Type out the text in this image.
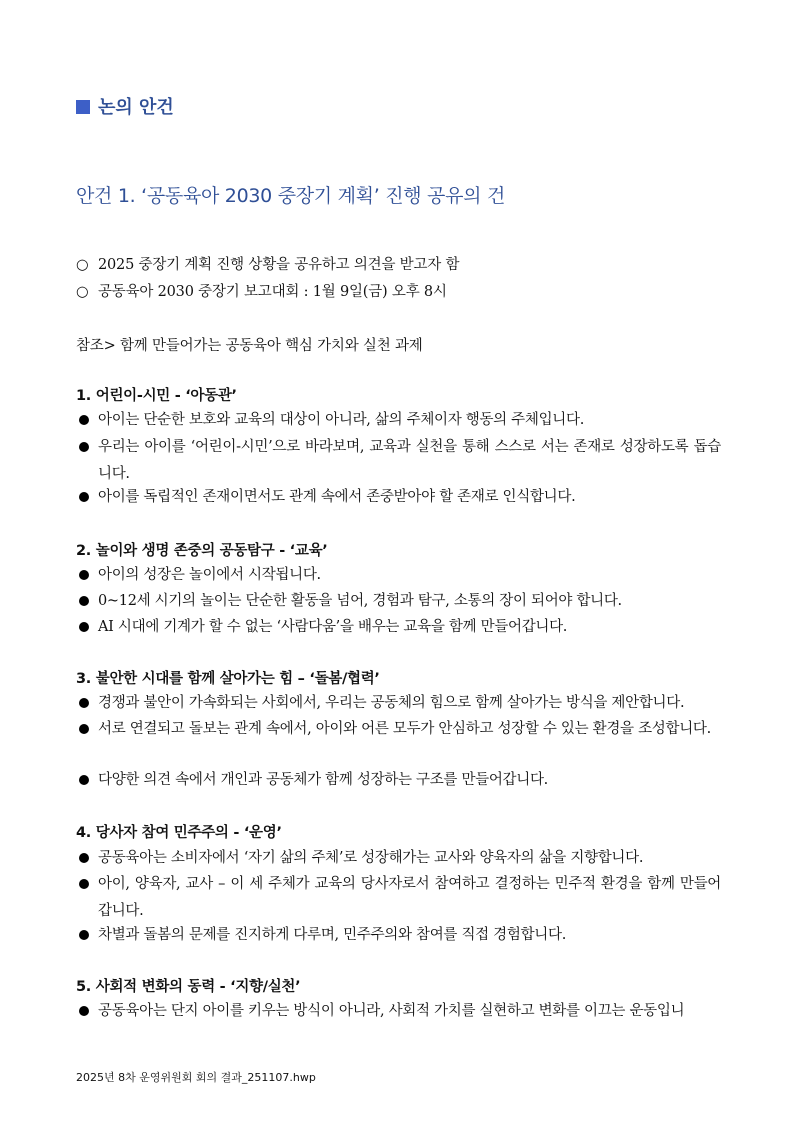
논의 안건
안건 1. ‘공동육아 2030 중장기 계획’ 진행 공유의 건
○ 2025 중장기 계획 진행 상황을 공유하고 의견을 받고자 함
○ 공동육아 2030 중장기 보고대회 : 1월 9일(금) 오후 8시
참조> 함께 만들어가는 공동육아 핵심 가치와 실천 과제
1. 어린이-시민 - ‘아동관’
아이는 단순한 보호와 교육의 대상이 아니라, 삶의 주체이자 행동의 주체입니다.
우리는 아이를 ‘어린이-시민’으로 바라보며, 교육과 실천을 통해 스스로 서는 존재로 성장하도록 돕습니다.
아이를 독립적인 존재이면서도 관계 속에서 존중받아야 할 존재로 인식합니다.
2. 놀이와 생명 존중의 공동탐구 - ‘교육’
아이의 성장은 놀이에서 시작됩니다.
0~12세 시기의 놀이는 단순한 활동을 넘어, 경험과 탐구, 소통의 장이 되어야 합니다.
AI 시대에 기계가 할 수 없는 ‘사람다움’을 배우는 교육을 함께 만들어갑니다.
3. 불안한 시대를 함께 살아가는 힘 – ‘돌봄/협력’
경쟁과 불안이 가속화되는 사회에서, 우리는 공동체의 힘으로 함께 살아가는 방식을 제안합니다.
서로 연결되고 돌보는 관계 속에서, 아이와 어른 모두가 안심하고 성장할 수 있는 환경을 조성합니다.
다양한 의견 속에서 개인과 공동체가 함께 성장하는 구조를 만들어갑니다.
4. 당사자 참여 민주주의 - ‘운영’
공동육아는 소비자에서 ‘자기 삶의 주체’로 성장해가는 교사와 양육자의 삶을 지향합니다.
아이, 양육자, 교사 – 이 세 주체가 교육의 당사자로서 참여하고 결정하는 민주적 환경을 함께 만들어갑니다.
차별과 돌봄의 문제를 진지하게 다루며, 민주주의와 참여를 직접 경험합니다.
5. 사회적 변화의 동력 - ‘지향/실천’
공동육아는 단지 아이를 키우는 방식이 아니라, 사회적 가치를 실현하고 변화를 이끄는 운동입니
2025년 8차 운영위원회 회의 결과_251107.hwp
